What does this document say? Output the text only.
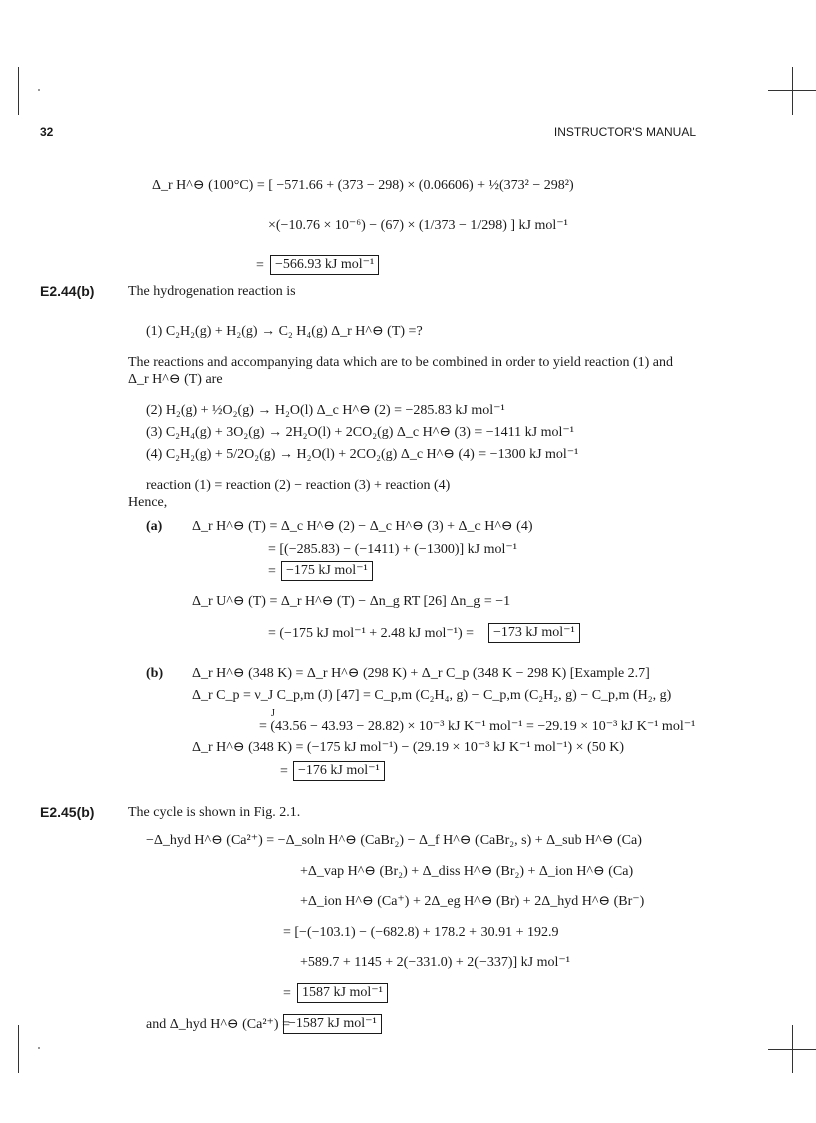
32	INSTRUCTOR'S MANUAL
Δ_r H^⊖ (100°C) = [ −571.66 + (373 − 298) × (0.06606) + ½(373² − 298²)
×(−10.76 × 10⁻⁶) − (67) × (1/373 − 1/298) ] kJ mol⁻¹
= −566.93 kJ mol⁻¹
E2.44(b) The hydrogenation reaction is
(1) C₂H₂(g) + H₂(g) → C₂ H₄(g) Δ_r H^⊖ (T) =?
The reactions and accompanying data which are to be combined in order to yield reaction (1) and
Δ_r H^⊖ (T) are
(2) H₂(g) + ½O₂(g) → H₂O(l) Δ_c H^⊖ (2) = −285.83 kJ mol⁻¹
(3) C₂H₄(g) + 3O₂(g) → 2H₂O(l) + 2CO₂(g) Δ_c H^⊖ (3) = −1411 kJ mol⁻¹
(4) C₂H₂(g) + 5/2O₂(g) → H₂O(l) + 2CO₂(g) Δ_c H^⊖ (4) = −1300 kJ mol⁻¹
reaction (1) = reaction (2) − reaction (3) + reaction (4)
Hence,
(a) Δ_r H^⊖ (T) = Δ_c H^⊖ (2) − Δ_c H^⊖ (3) + Δ_c H^⊖ (4)
= [(−285.83) − (−1411) + (−1300)] kJ mol⁻¹
= −175 kJ mol⁻¹
Δ_r U^⊖ (T) = Δ_r H^⊖ (T) − Δn_g RT [26] Δn_g = −1
= (−175 kJ mol⁻¹ + 2.48 kJ mol⁻¹) =	−173 kJ mol⁻¹
(b) Δ_r H^⊖ (348 K) = Δ_r H^⊖ (298 K) + Δ_r C_p (348 K − 298 K) [Example 2.7]
Δ_r C_p = ν_J C_p,m (J) [47] = C_p,m (C₂H₄, g) − C_p,m (C₂H₂, g) − C_p,m (H₂, g)
J
= (43.56 − 43.93 − 28.82) × 10⁻³ kJ K⁻¹ mol⁻¹ = −29.19 × 10⁻³ kJ K⁻¹ mol⁻¹
Δ_r H^⊖ (348 K) = (−175 kJ mol⁻¹) − (29.19 × 10⁻³ kJ K⁻¹ mol⁻¹) × (50 K)
= −176 kJ mol⁻¹
E2.45(b) The cycle is shown in Fig. 2.1.
−Δ_hyd H^⊖ (Ca²⁺) = −Δ_soln H^⊖ (CaBr₂) − Δ_f H^⊖ (CaBr₂, s) + Δ_sub H^⊖ (Ca)
+Δ_vap H^⊖ (Br₂) + Δ_diss H^⊖ (Br₂) + Δ_ion H^⊖ (Ca)
+Δ_ion H^⊖ (Ca⁺) + 2Δ_eg H^⊖ (Br) + 2Δ_hyd H^⊖ (Br⁻)
= [−(−103.1) − (−682.8) + 178.2 + 30.91 + 192.9
+589.7 + 1145 + 2(−331.0) + 2(−337)] kJ mol⁻¹
= 1587 kJ mol⁻¹
and Δ_hyd H^⊖ (Ca²⁺) =
−1587 kJ mol⁻¹
